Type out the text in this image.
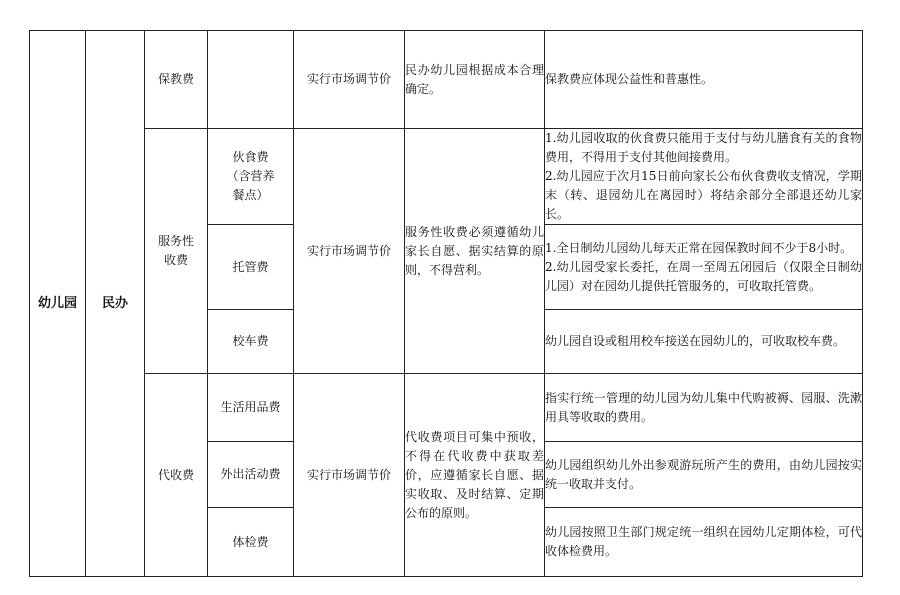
幼儿园	民办	保教费		实行市场调节价	民办幼儿园根据成本合理确定。	保教费应体现公益性和普惠性。
		服务性收费	伙食费（含营养餐点）	实行市场调节价	服务性收费必须遵循幼儿家长自愿、据实结算的原则，不得营利。	1.幼儿园收取的伙食费只能用于支付与幼儿膳食有关的食物费用，不得用于支付其他间接费用。
2.幼儿园应于次月15日前向家长公布伙食费收支情况，学期末（转、退园幼儿在离园时）将结余部分全部退还幼儿家长。

			托管费			1.全日制幼儿园幼儿每天正常在园保教时间不少于8小时。
2.幼儿园受家长委托，在周一至周五闭园后（仅限全日制幼儿园）对在园幼儿提供托管服务的，可收取托管费。

			校车费			幼儿园自设或租用校车接送在园幼儿的，可收取校车费。
		代收费	生活用品费	实行市场调节价	代收费项目可集中预收，不得在代收费中获取差价，应遵循家长自愿、据实收取、及时结算、定期公布的原则。	指实行统一管理的幼儿园为幼儿集中代购被褥、园服、洗漱用具等收取的费用。
			外出活动费			幼儿园组织幼儿外出参观游玩所产生的费用，由幼儿园按实统一收取并支付。
			体检费			幼儿园按照卫生部门规定统一组织在园幼儿定期体检，可代收体检费用。
